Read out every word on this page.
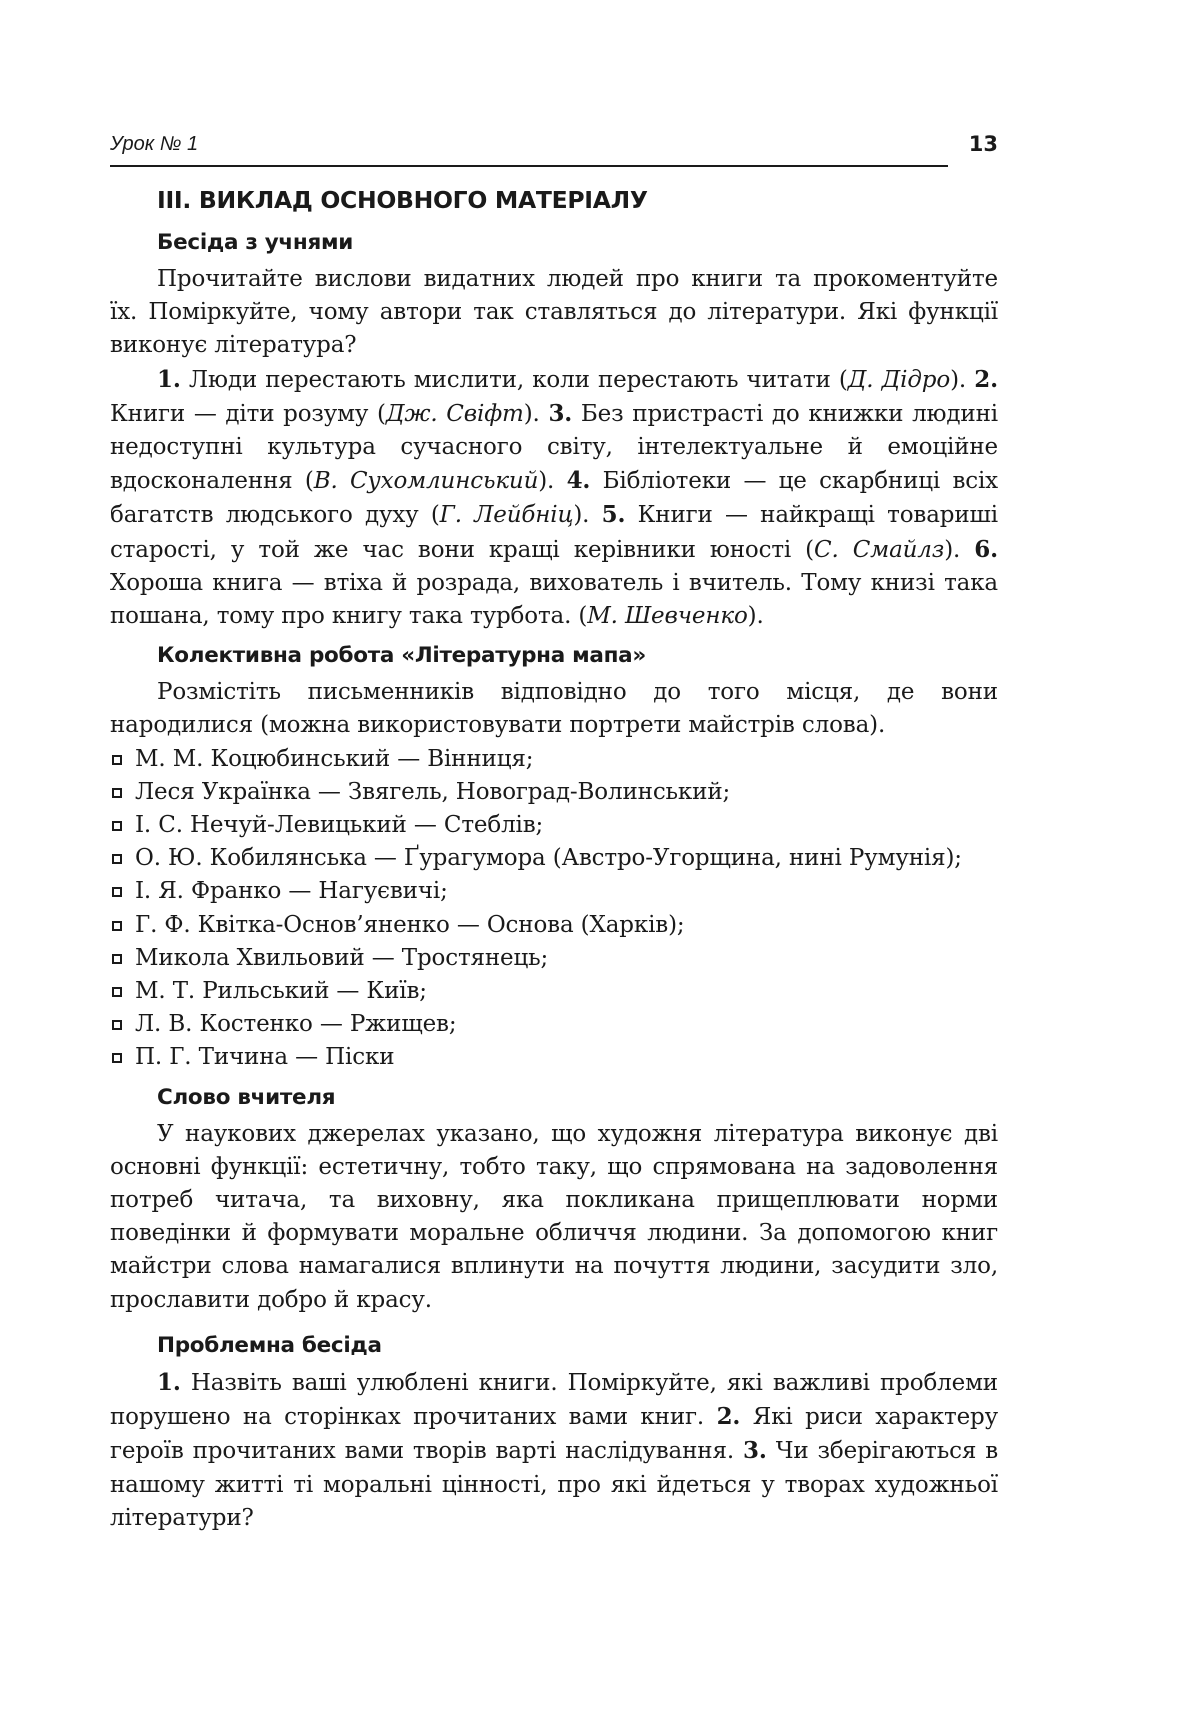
Урок № 1	13
ІІІ. ВИКЛАД ОСНОВНОГО МАТЕРІАЛУ
Бесіда з учнями

Прочитайте вислови видатних людей про книги та прокоментуйте їх. Поміркуйте, чому автори так ставляться до літератури. Які функції виконує література?

1. Люди перестають мислити, коли перестають читати (Д. Дідро). 2. Книги — діти розуму (Дж. Свіфт). 3. Без пристрасті до книжки людині недоступні культура сучасного світу, інтелектуальне й емоційне вдосконалення (В. Сухомлинський). 4. Бібліотеки — це скарбниці всіх багатств людського духу (Г. Лейбніц). 5. Книги — найкращі товариші старості, у той же час вони кращі керівники юності (С. Смайлз). 6. Хороша книга — втіха й розрада, вихователь і вчитель. Тому книзі така пошана, тому про книгу така турбота. (М. Шевченко).

Колективна робота «Літературна мапа»

Розмістіть письменників відповідно до того місця, де вони народилися (можна використовувати портрети майстрів слова).

М. М. Коцюбинський — Вінниця;
Леся Українка — Звягель, Новоград-Волинський;
І. С. Нечуй-Левицький — Стеблів;
О. Ю. Кобилянська — Ґурагумора (Австро-Угорщина, нині Румунія);
І. Я. Франко — Нагуєвичі;
Г. Ф. Квітка-Основ’яненко — Основа (Харків);
Микола Хвильовий — Тростянець;
М. Т. Рильський — Київ;
Л. В. Костенко — Ржищев;
П. Г. Тичина — Піски
Слово вчителя

У наукових джерелах указано, що художня література виконує дві основні функції: естетичну, тобто таку, що спрямована на задоволення потреб читача, та виховну, яка покликана прищеплювати норми поведінки й формувати моральне обличчя людини. За допомогою книг майстри слова намагалися вплинути на почуття людини, засудити зло, прославити добро й красу.

Проблемна бесіда

1. Назвіть ваші улюблені книги. Поміркуйте, які важливі проблеми порушено на сторінках прочитаних вами книг. 2. Які риси характеру героїв прочитаних вами творів варті наслідування. 3. Чи зберігаються в нашому житті ті моральні цінності, про які йдеться у творах художньої літератури?
